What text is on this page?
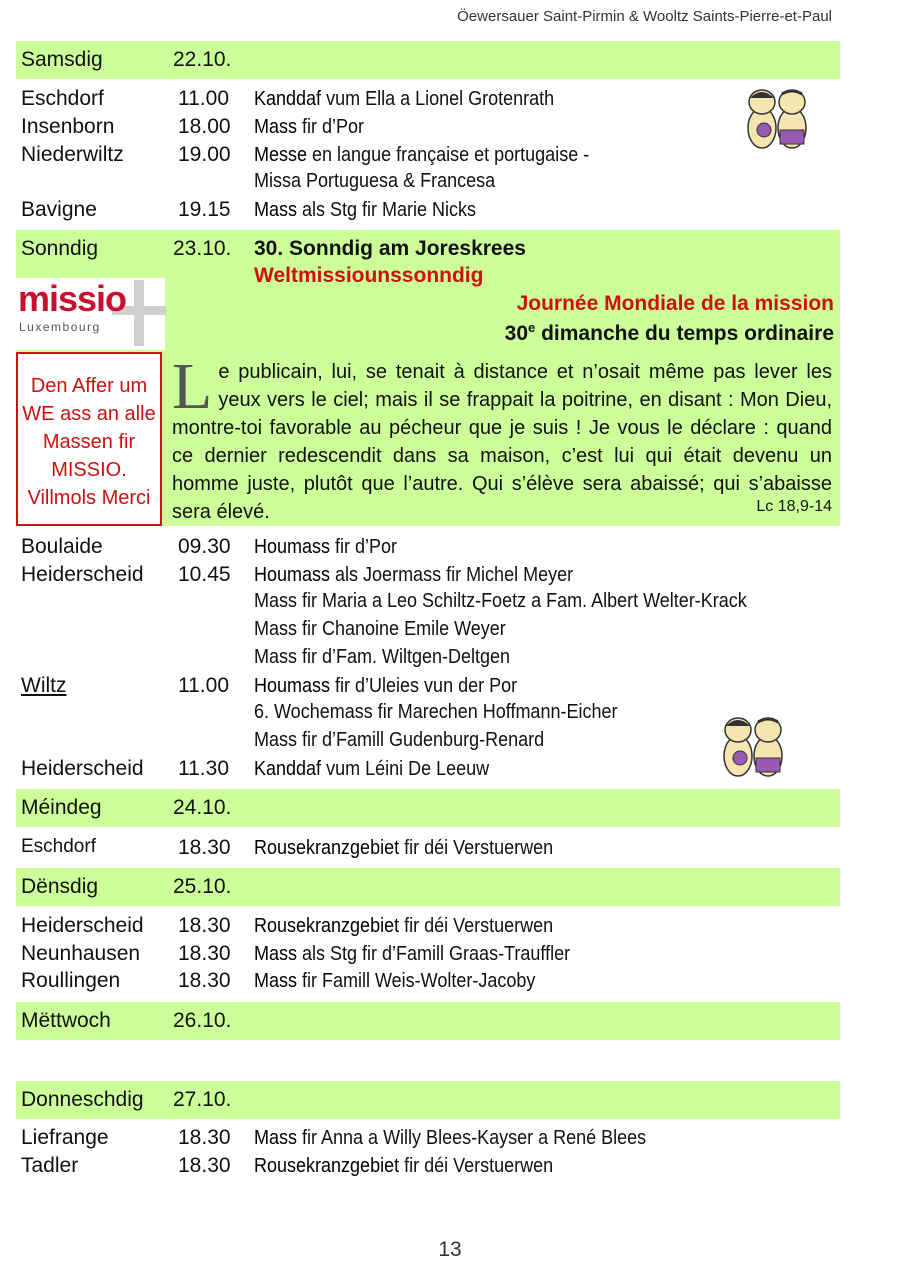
Öewersauer Saint-Pirmin & Wooltz Saints-Pierre-et-Paul
Samsdig	22.10.
Eschdorf	11.00 Kanddaf vum Ella a Lionel Grotenrath
Insenborn	18.00 Mass fir d’Por
Niederwiltz	19.00 Messe en langue française et portugaise -
Missa Portuguesa & Francesa
Bavigne	19.15 Mass als Stg fir Marie Nicks
Sonndig	23.10. 30. Sonndig am Joreskrees
Weltmissiounssonndig
Journée Mondiale de la mission
30e dimanche du temps ordinaire
missio
Luxembourg
Den Affer um
WE ass an alle
Massen fir
MISSIO.
Villmols Merci
Le publicain, lui, se tenait à distance et n’osait même pas lever les yeux vers le ciel; mais il se frappait la poitrine, en disant : Mon Dieu, montre-toi favorable au pécheur que je suis ! Je vous le déclare : quand ce dernier redescendit dans sa maison, c’est lui qui était devenu un homme juste, plutôt que l’autre. Qui s’élève sera abaissé; qui s’abaisse sera élevé.	Lc 18,9-14
Boulaide	09.30 Houmass fir d’Por
Heiderscheid 10.45 Houmass als Joermass fir Michel Meyer
Mass fir Maria a Leo Schiltz-Foetz a Fam. Albert Welter-Krack
Mass fir Chanoine Emile Weyer
Mass fir d’Fam. Wiltgen-Deltgen
Wiltz	11.00 Houmass fir d’Uleies vun der Por
6. Wochemass fir Marechen Hoffmann-Eicher
Mass fir d’Famill Gudenburg-Renard
Heiderscheid 11.30 Kanddaf vum Léini De Leeuw
Méindeg	24.10.
Eschdorf	18.30 Rousekranzgebiet fir déi Verstuerwen
Dënsdig	25.10.
Heiderscheid 18.30 Rousekranzgebiet fir déi Verstuerwen
Neunhausen 18.30 Mass als Stg fir d’Famill Graas-Trauffler
Roullingen	18.30 Mass fir Famill Weis-Wolter-Jacoby
Mëttwoch	26.10.
Donneschdig 27.10.
Liefrange	18.30 Mass fir Anna a Willy Blees-Kayser a René Blees
Tadler	18.30 Rousekranzgebiet fir déi Verstuerwen
13
